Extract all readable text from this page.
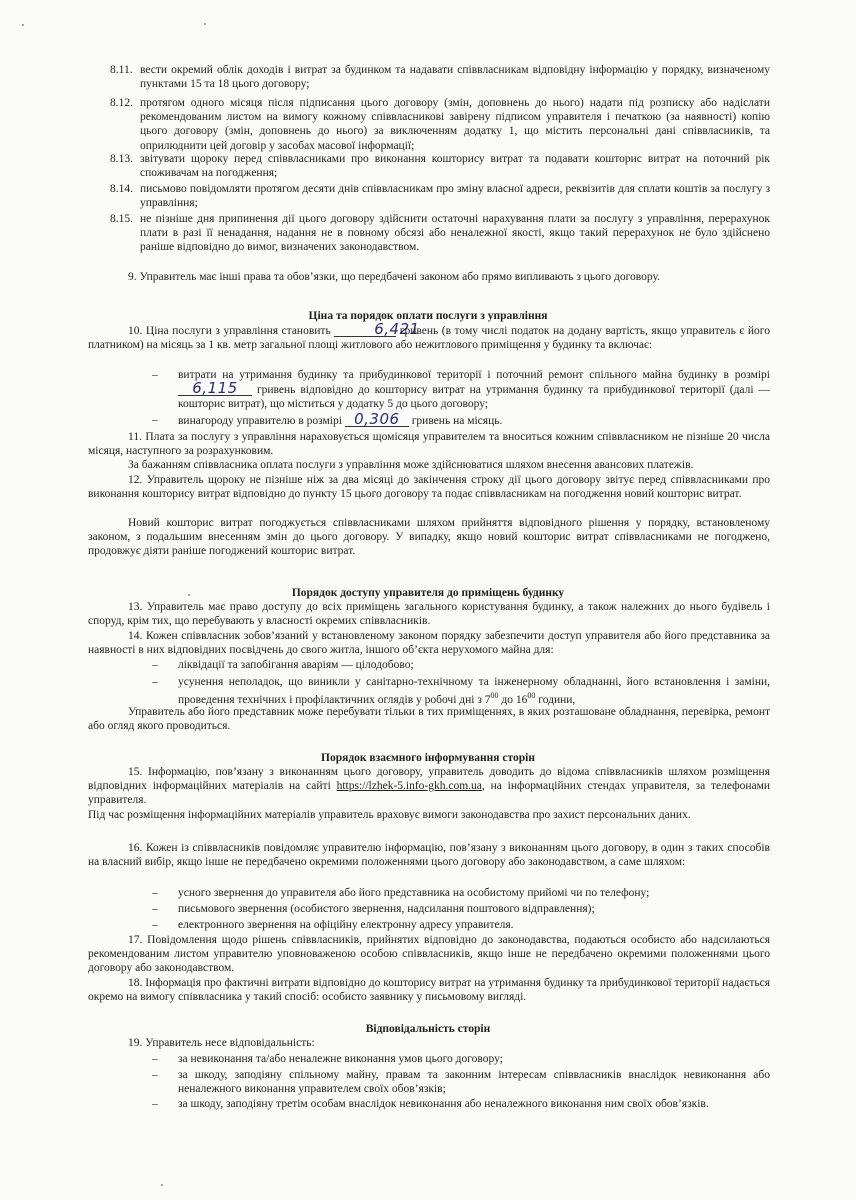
8.11. вести окремий облік доходів і витрат за будинком та надавати співвласникам відповідну інформацію у порядку, визначеному пунктами 15 та 18 цього договору;
8.12. протягом одного місяця після підписання цього договору (змін, доповнень до нього) надати під розписку або надіслати рекомендованим листом на вимогу кожному співвласникові завірену підписом управителя і печаткою (за наявності) копію цього договору (змін, доповнень до нього) за виключенням додатку 1, що містить персональні дані співвласників, та оприлюднити цей договір у засобах масової інформації;
8.13. звітувати щороку перед співвласниками про виконання кошторису витрат та подавати кошторис витрат на поточний рік споживачам на погодження;
8.14. письмово повідомляти протягом десяти днів співвласникам про зміну власної адреси, реквізитів для сплати коштів за послугу з управління;
8.15. не пізніше дня припинення дії цього договору здійснити остаточні нарахування плати за послугу з управління, перерахунок плати в разі її ненадання, надання не в повному обсязі або неналежної якості, якщо такий перерахунок не було здійснено раніше відповідно до вимог, визначених законодавством.
9. Управитель має інші права та обов’язки, що передбачені законом або прямо випливають з цього договору.
Ціна та порядок оплати послуги з управління
10. Ціна послуги з управління становить	6,421 гривень (в тому числі податок на додану вартість, якщо управитель є його платником) на місяць за 1 кв. метр загальної площі житлового або нежитлового приміщення у будинку та включає:
– витрати на утримання будинку та прибудинкової території і поточний ремонт спільного майна будинку в розмірі 6,115 гривень відповідно до кошторису витрат на утримання будинку та прибудинкової території (далі — кошторис витрат), що міститься у додатку 5 до цього договору;
– винагороду управителю в розмірі 0,306 гривень на місяць.
11. Плата за послугу з управління нараховується щомісяця управителем та вноситься кожним співвласником не пізніше 20 числа місяця, наступного за розрахунковим.
За бажанням співвласника оплата послуги з управління може здійснюватися шляхом внесення авансових платежів.
12. Управитель щороку не пізніше ніж за два місяці до закінчення строку дії цього договору звітує перед співвласниками про виконання кошторису витрат відповідно до пункту 15 цього договору та подає співвласникам на погодження новий кошторис витрат.
Новий кошторис витрат погоджується співвласниками шляхом прийняття відповідного рішення у порядку, встановленому законом, з подальшим внесенням змін до цього договору. У випадку, якщо новий кошторис витрат співвласниками не погоджено, продовжує діяти раніше погоджений кошторис витрат.
Порядок доступу управителя до приміщень будинку
13. Управитель має право доступу до всіх приміщень загального користування будинку, а також належних до нього будівель і споруд, крім тих, що перебувають у власності окремих співвласників.
14. Кожен співвласник зобов’язаний у встановленому законом порядку забезпечити доступ управителя або його представника за наявності в них відповідних посвідчень до свого житла, іншого об’єкта нерухомого майна для:
– ліквідації та запобігання аваріям — цілодобово;
– усунення неполадок, що виникли у санітарно-технічному та інженерному обладнанні, його встановлення і заміни, проведення технічних і профілактичних оглядів у робочі дні з $7^{00}$ до $16^{00}$ години,
Управитель або його представник може перебувати тільки в тих приміщеннях, в яких розташоване обладнання, перевірка, ремонт або огляд якого проводиться.
Порядок взаємного інформування сторін
15. Інформацію, пов’язану з виконанням цього договору, управитель доводить до відома співвласників шляхом розміщення відповідних інформаційних матеріалів на сайті https://lzhek-5.info-gkh.com.ua, на інформаційних стендах управителя, за телефонами управителя.
Під час розміщення інформаційних матеріалів управитель враховує вимоги законодавства про захист персональних даних.
16. Кожен із співвласників повідомляє управителю інформацію, пов’язану з виконанням цього договору, в один з таких способів на власний вибір, якщо інше не передбачено окремими положеннями цього договору або законодавством, а саме шляхом:
– усного звернення до управителя або його представника на особистому прийомі чи по телефону;
– письмового звернення (особистого звернення, надсилання поштового відправлення);
– електронного звернення на офіційну електронну адресу управителя.
17. Повідомлення щодо рішень співвласників, прийнятих відповідно до законодавства, подаються особисто або надсилаються рекомендованим листом управителю уповноваженою особою співвласників, якщо інше не передбачено окремими положеннями цього договору або законодавством.
18. Інформація про фактичні витрати відповідно до кошторису витрат на утримання будинку та прибудинкової території надається окремо на вимогу співвласника у такий спосіб: особисто заявнику у письмовому вигляді.
Відповідальність сторін
19. Управитель несе відповідальність:
– за невиконання та/або неналежне виконання умов цього договору;
– за шкоду, заподіяну спільному майну, правам та законним інтересам співвласників внаслідок невиконання або неналежного виконання управителем своїх обов’язків;
– за шкоду, заподіяну третім особам внаслідок невиконання або неналежного виконання ним своїх обов’язків.
